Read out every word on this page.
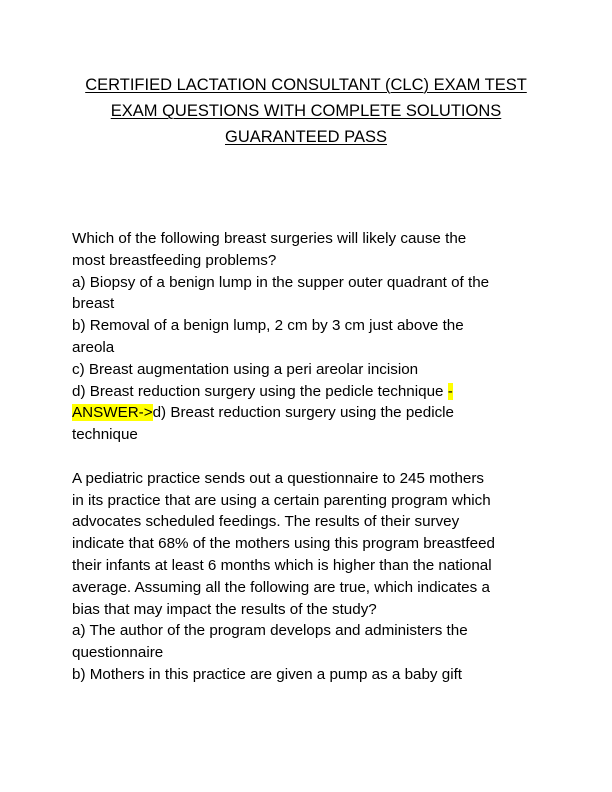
CERTIFIED LACTATION CONSULTANT (CLC) EXAM TEST
EXAM QUESTIONS WITH COMPLETE SOLUTIONS
GUARANTEED PASS
Which of the following breast surgeries will likely cause the
most breastfeeding problems?
a) Biopsy of a benign lump in the supper outer quadrant of the
breast
b) Removal of a benign lump, 2 cm by 3 cm just above the
areola
c) Breast augmentation using a peri areolar incision
d) Breast reduction surgery using the pedicle technique -
ANSWER->d) Breast reduction surgery using the pedicle
technique
A pediatric practice sends out a questionnaire to 245 mothers
in its practice that are using a certain parenting program which
advocates scheduled feedings. The results of their survey
indicate that 68% of the mothers using this program breastfeed
their infants at least 6 months which is higher than the national
average. Assuming all the following are true, which indicates a
bias that may impact the results of the study?
a) The author of the program develops and administers the
questionnaire
b) Mothers in this practice are given a pump as a baby gift
